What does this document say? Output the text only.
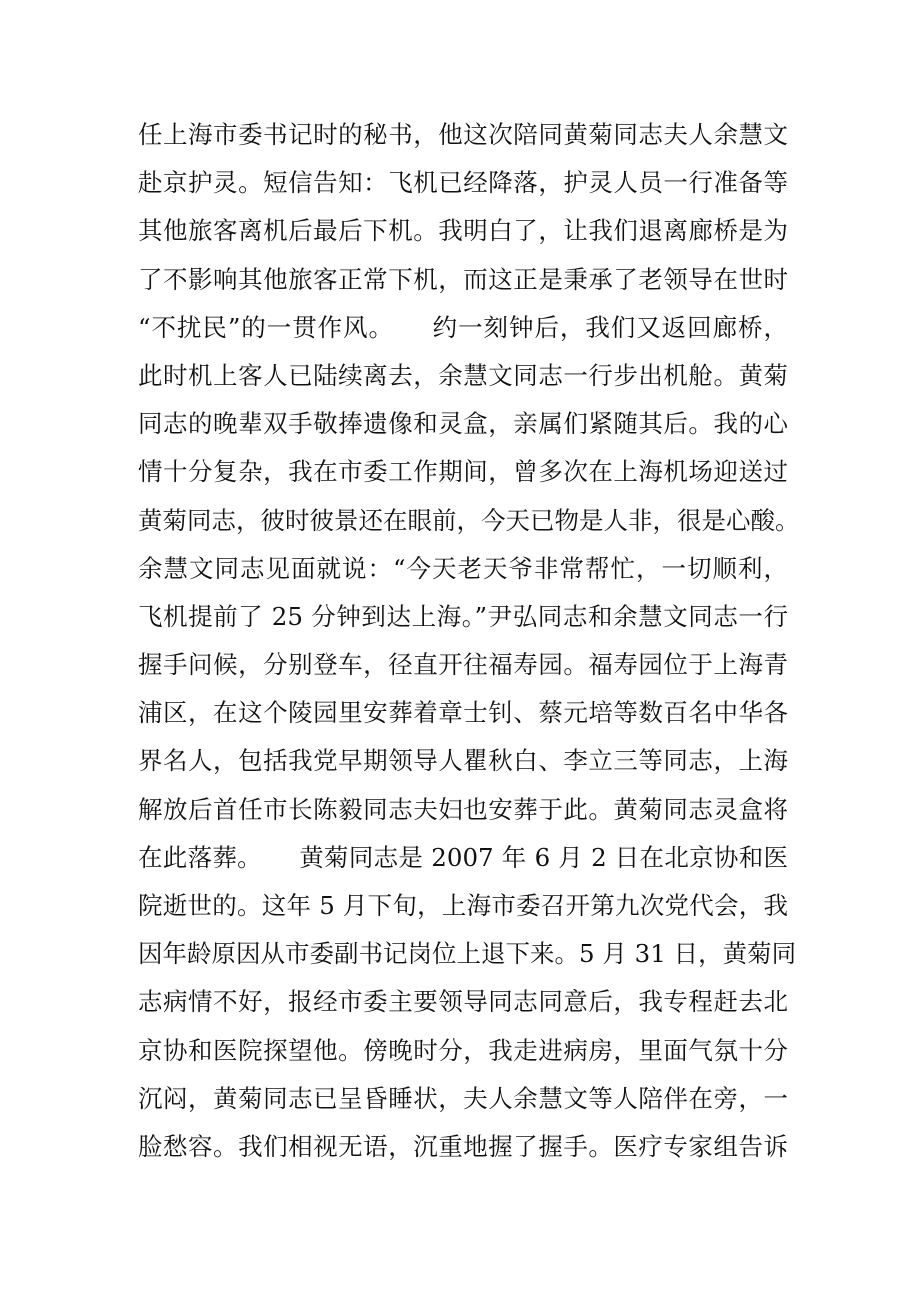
任上海市委书记时的秘书，他这次陪同黄菊同志夫人余慧文
赴京护灵。短信告知：飞机已经降落，护灵人员一行准备等
其他旅客离机后最后下机。我明白了，让我们退离廊桥是为
了不影响其他旅客正常下机，而这正是秉承了老领导在世时
“不扰民”的一贯作风。　　约一刻钟后，我们又返回廊桥，
此时机上客人已陆续离去，余慧文同志一行步出机舱。黄菊
同志的晚辈双手敬捧遗像和灵盒，亲属们紧随其后。我的心
情十分复杂，我在市委工作期间，曾多次在上海机场迎送过
黄菊同志，彼时彼景还在眼前，今天已物是人非，很是心酸。
余慧文同志见面就说：“今天老天爷非常帮忙，一切顺利，
飞机提前了 25 分钟到达上海。”尹弘同志和余慧文同志一行
握手问候，分别登车，径直开往福寿园。福寿园位于上海青
浦区，在这个陵园里安葬着章士钊、蔡元培等数百名中华各
界名人，包括我党早期领导人瞿秋白、李立三等同志，上海
解放后首任市长陈毅同志夫妇也安葬于此。黄菊同志灵盒将
在此落葬。　　黄菊同志是 2007 年 6 月 2 日在北京协和医
院逝世的。这年 5 月下旬，上海市委召开第九次党代会，我
因年龄原因从市委副书记岗位上退下来。5 月 31 日，黄菊同
志病情不好，报经市委主要领导同志同意后，我专程赶去北
京协和医院探望他。傍晚时分，我走进病房，里面气氛十分
沉闷，黄菊同志已呈昏睡状，夫人余慧文等人陪伴在旁，一
脸愁容。我们相视无语，沉重地握了握手。医疗专家组告诉
